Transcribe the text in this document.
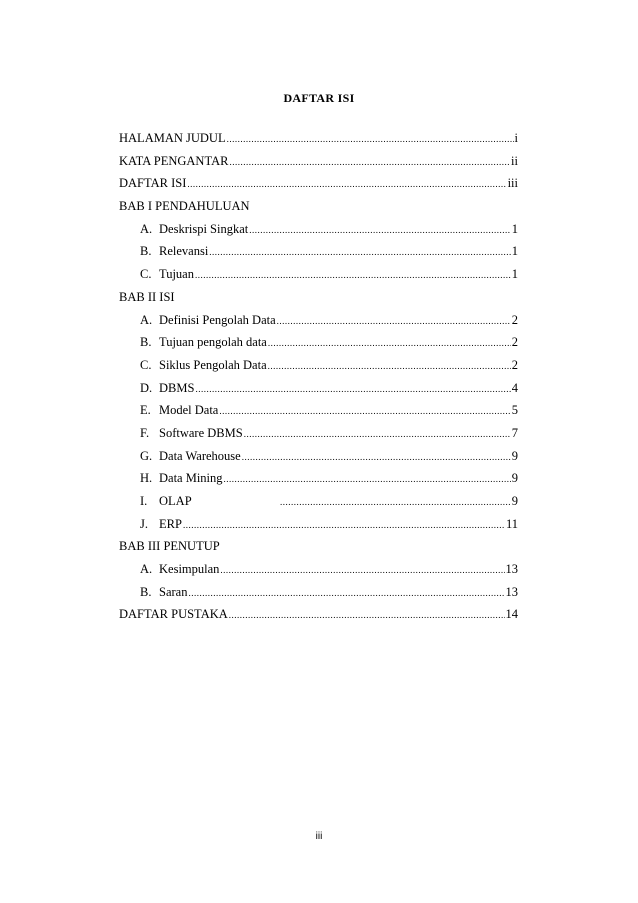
DAFTAR ISI
HALAMAN JUDUL .....	i
KATA PENGANTAR .....	ii
DAFTAR ISI .....	iii
BAB I PENDAHULUAN
A. Deskrispi Singkat .....	1
B. Relevansi .....	1
C. Tujuan .....	1
BAB II ISI
A. Definisi Pengolah Data .....	2
B. Tujuan pengolah data .....	2
C. Siklus Pengolah Data .....	2
D. DBMS .....	4
E. Model Data .....	5
F. Software DBMS .....	7
G. Data Warehouse .....	9
H. Data Mining .....	9
I. OLAP .....	9
J. ERP .....	11
BAB III PENUTUP
A. Kesimpulan .....	13
B. Saran .....	13
DAFTAR PUSTAKA .....	14
iii
